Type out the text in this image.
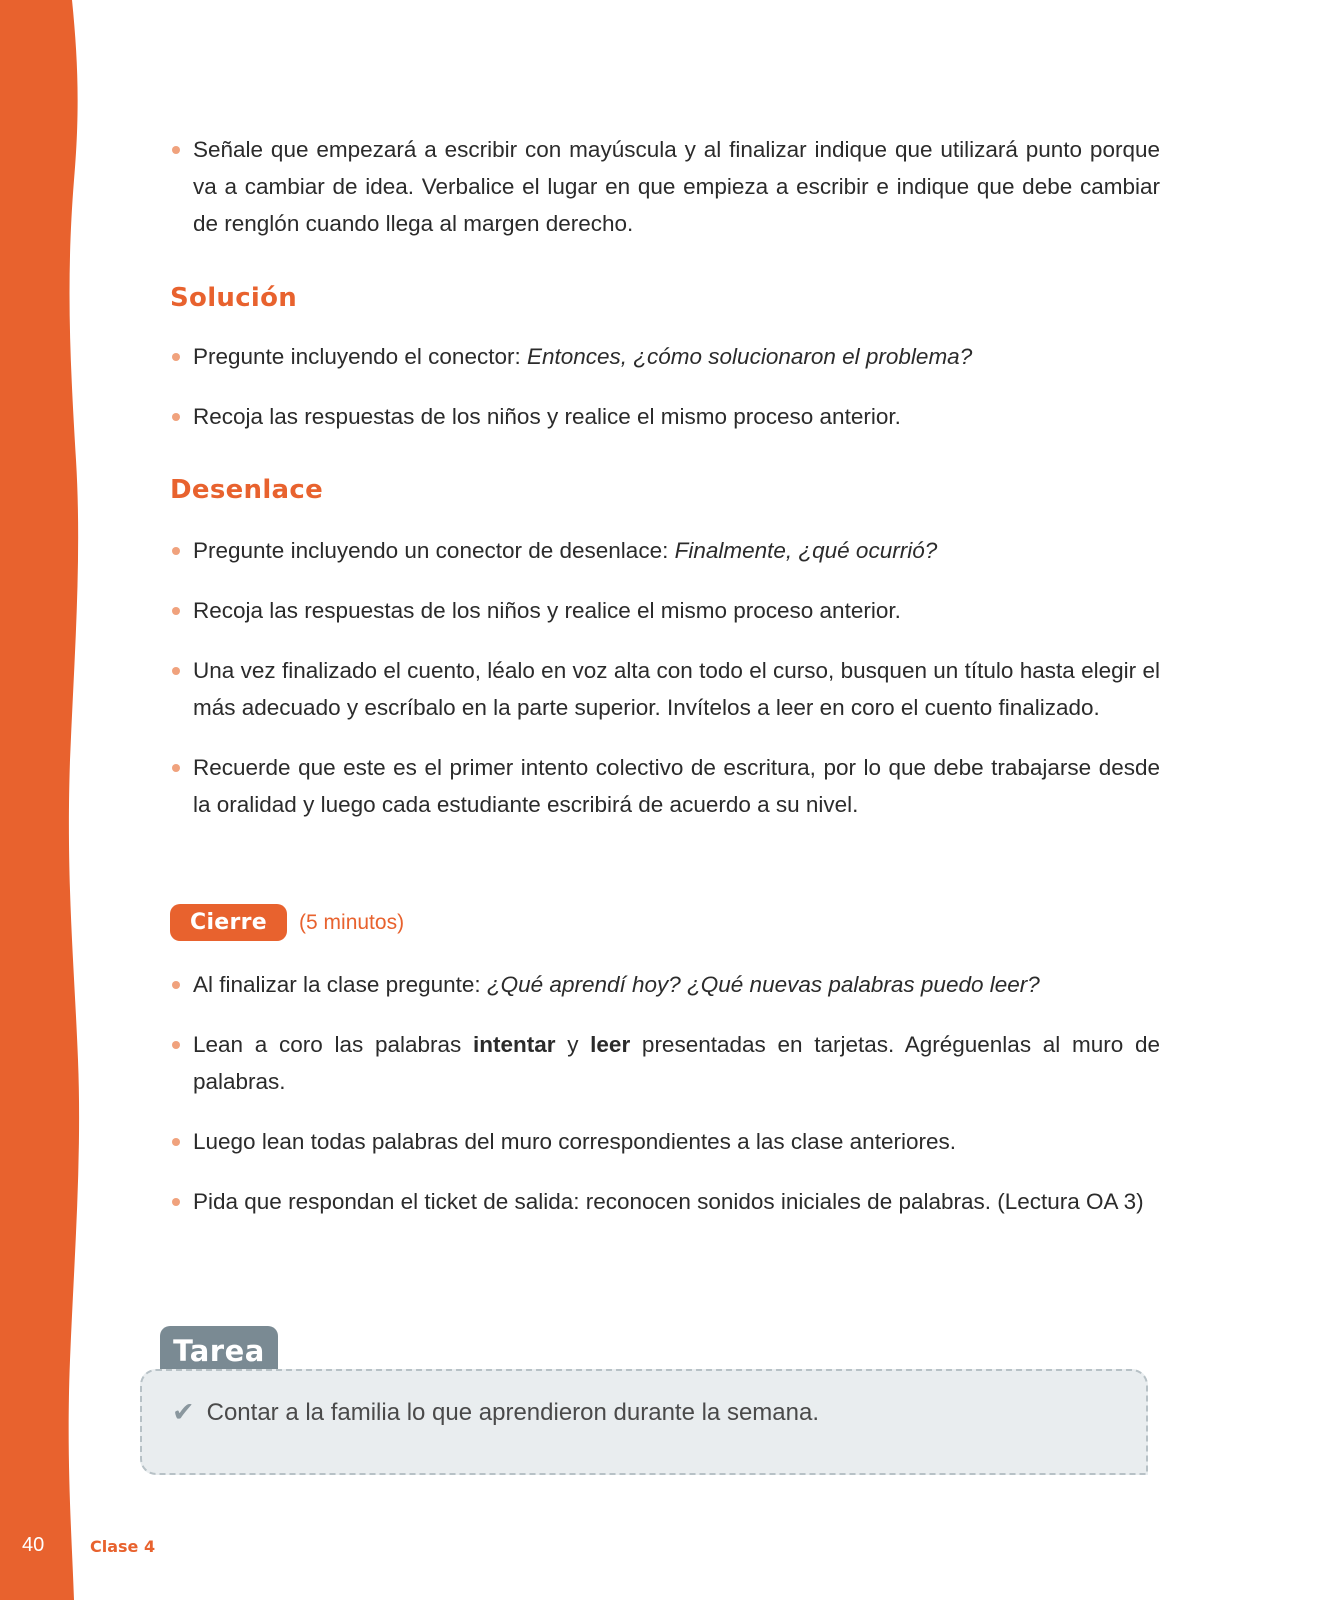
Señale que empezará a escribir con mayúscula y al finalizar indique que utilizará punto porque va a cambiar de idea. Verbalice el lugar en que empieza a escribir e indique que debe cambiar de renglón cuando llega al margen derecho.
Solución
Pregunte incluyendo el conector: Entonces, ¿cómo solucionaron el problema?
Recoja las respuestas de los niños y realice el mismo proceso anterior.
Desenlace
Pregunte incluyendo un conector de desenlace: Finalmente, ¿qué ocurrió?
Recoja las respuestas de los niños y realice el mismo proceso anterior.
Una vez finalizado el cuento, léalo en voz alta con todo el curso, busquen un título hasta elegir el más adecuado y escríbalo en la parte superior. Invítelos a leer en coro el cuento finalizado.
Recuerde que este es el primer intento colectivo de escritura, por lo que debe trabajarse desde la oralidad y luego cada estudiante escribirá de acuerdo a su nivel.
Cierre	(5 minutos)
Al finalizar la clase pregunte: ¿Qué aprendí hoy? ¿Qué nuevas palabras puedo leer?
Lean a coro las palabras intentar y leer presentadas en tarjetas. Agréguenlas al muro de palabras.
Luego lean todas palabras del muro correspondientes a las clase anteriores.
Pida que respondan el ticket de salida: reconocen sonidos iniciales de palabras. (Lectura OA 3)
Tarea
✔ Contar a la familia lo que aprendieron durante la semana.
40	Clase 4
